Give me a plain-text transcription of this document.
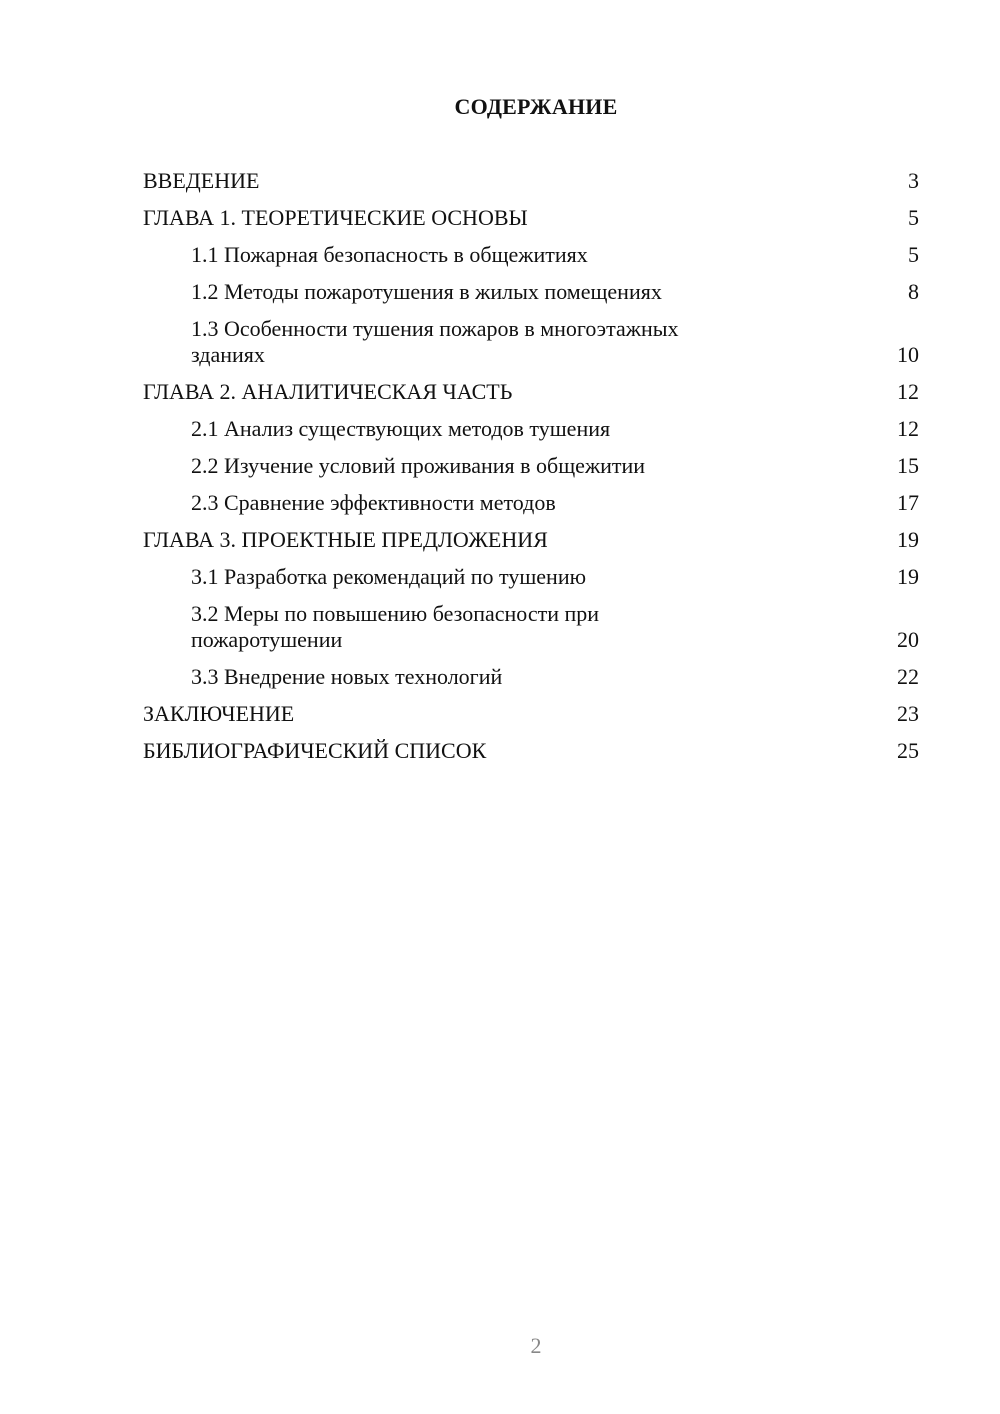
СОДЕРЖАНИЕ
ВВЕДЕНИЕ	3
ГЛАВА 1. ТЕОРЕТИЧЕСКИЕ ОСНОВЫ	5
1.1 Пожарная безопасность в общежитиях	5
1.2 Методы пожаротушения в жилых помещениях	8
1.3 Особенности тушения пожаров в многоэтажных зданиях	10
ГЛАВА 2. АНАЛИТИЧЕСКАЯ ЧАСТЬ	12
2.1 Анализ существующих методов тушения	12
2.2 Изучение условий проживания в общежитии	15
2.3 Сравнение эффективности методов	17
ГЛАВА 3. ПРОЕКТНЫЕ ПРЕДЛОЖЕНИЯ	19
3.1 Разработка рекомендаций по тушению	19
3.2 Меры по повышению безопасности при пожаротушении	20
3.3 Внедрение новых технологий	22
ЗАКЛЮЧЕНИЕ	23
БИБЛИОГРАФИЧЕСКИЙ СПИСОК	25
2
